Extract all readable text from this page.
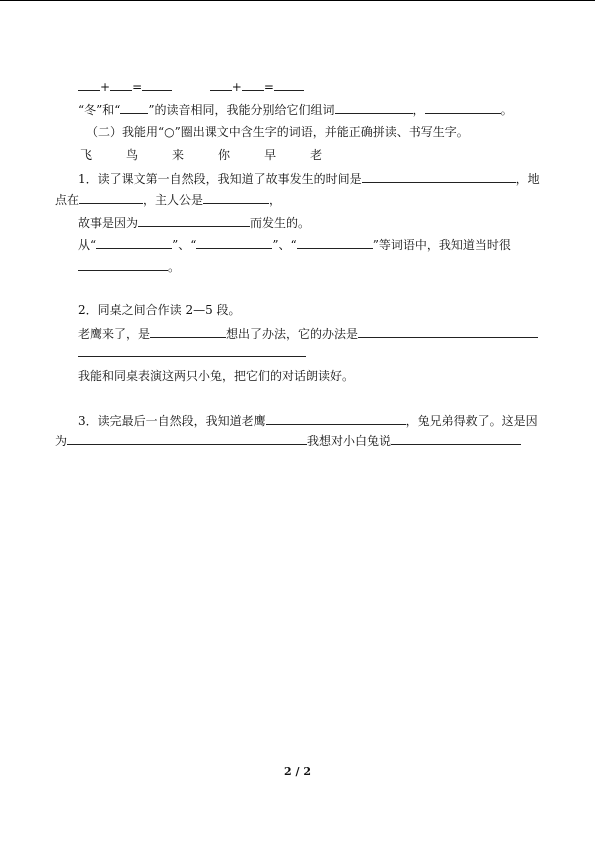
+ =	+ =
“冬”和“ ”的读音相同，我能分别给它们组词	，	。
（二）我能用“○”圈出课文中含生字的词语，并能正确拼读、书写生字。
飞	鸟	来	你	早	老
1．读了课文第一自然段，我知道了故事发生的时间是	，地
点在	，主人公是	，
故事是因为	而发生的。
从“	”、“	”、“	”等词语中，我知道当时很
。
2．同桌之间合作读 2—5 段。
老鹰来了，是	想出了办法，它的办法是
我能和同桌表演这两只小兔，把它们的对话朗读好。
3．读完最后一自然段，我知道老鹰	，兔兄弟得救了。这是因
为	我想对小白兔说
2 / 2
